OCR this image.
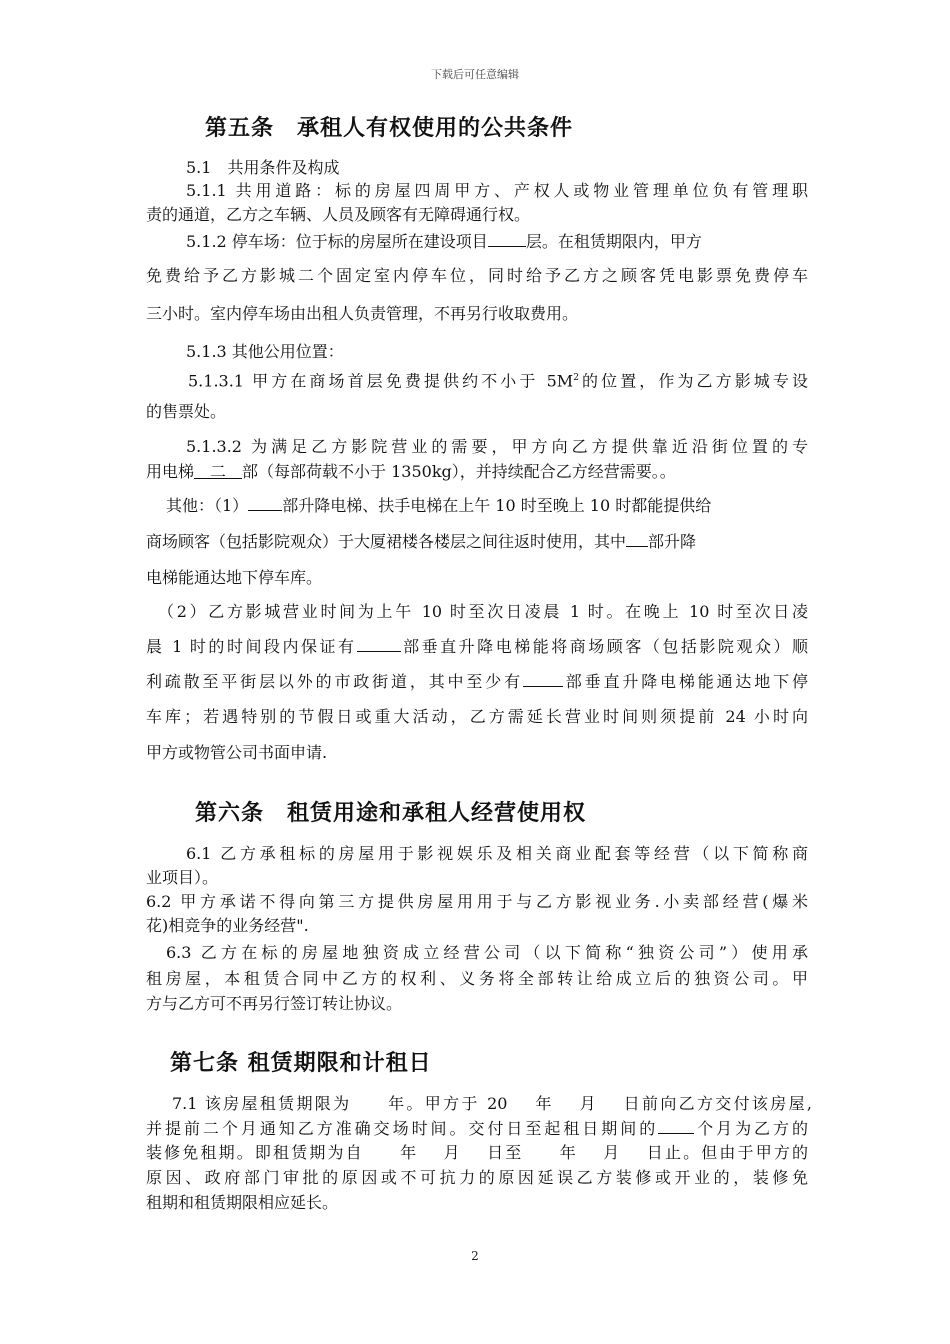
下载后可任意编辑
第五条　承租人有权使用的公共条件
5.1　共用条件及构成
5.1.1 共用道路：标的房屋四周甲方、产权人或物业管理单位负有管理职
责的通道，乙方之车辆、人员及顾客有无障碍通行权。
5.1.2 停车场：位于标的房屋所在建设项目 层。在租赁期限内，甲方
免费给予乙方影城二个固定室内停车位，同时给予乙方之顾客凭电影票免费停车
三小时。室内停车场由出租人负责管理，不再另行收取费用。
5.1.3 其他公用位置：
5.1.3.1 甲方在商场首层免费提供约不小于 $5M^2$的位置，作为乙方影城专设
的售票处。
5.1.3.2 为满足乙方影院营业的需要，甲方向乙方提供靠近沿街位置的专
用电梯　二　部（每部荷载不小于 1350kg），并持续配合乙方经营需要。。
其他：（1） 部升降电梯、扶手电梯在上午 10 时至晚上 10 时都能提供给
商场顾客（包括影院观众）于大厦裙楼各楼层之间往返时使用，其中 部升降
电梯能通达地下停车库。
（2）乙方影城营业时间为上午 10 时至次日凌晨 1 时。在晚上 10 时至次日凌
晨 1 时的时间段内保证有	部垂直升降电梯能将商场顾客（包括影院观众）顺
利疏散至平街层以外的市政街道，其中至少有	部垂直升降电梯能通达地下停
车库；若遇特别的节假日或重大活动，乙方需延长营业时间则须提前 24 小时向
甲方或物管公司书面申请.
第六条　租赁用途和承租人经营使用权
6.1 乙方承租标的房屋用于影视娱乐及相关商业配套等经营（以下简称商
业项目）。
6.2 甲方承诺不得向第三方提供房屋用用于与乙方影视业务.小卖部经营(爆米
花)相竞争的业务经营".
6.3 乙方在标的房屋地独资成立经营公司（以下简称“独资公司”）使用承
租房屋，本租赁合同中乙方的权利、义务将全部转让给成立后的独资公司。甲
方与乙方可不再另行签订转让协议。
第七条 租赁期限和计租日
7.1 该房屋租赁期限为　　年。甲方于 20　 年　 月　 日前向乙方交付该房屋,
并提前二个月通知乙方准确交场时间。交付日至起租日期间的 个月为乙方的
装修免租期。即租赁期为自　　年　 月　 日至　　年　 月　 日止。但由于甲方的
原因、政府部门审批的原因或不可抗力的原因延误乙方装修或开业的，装修免
租期和租赁期限相应延长。
2
